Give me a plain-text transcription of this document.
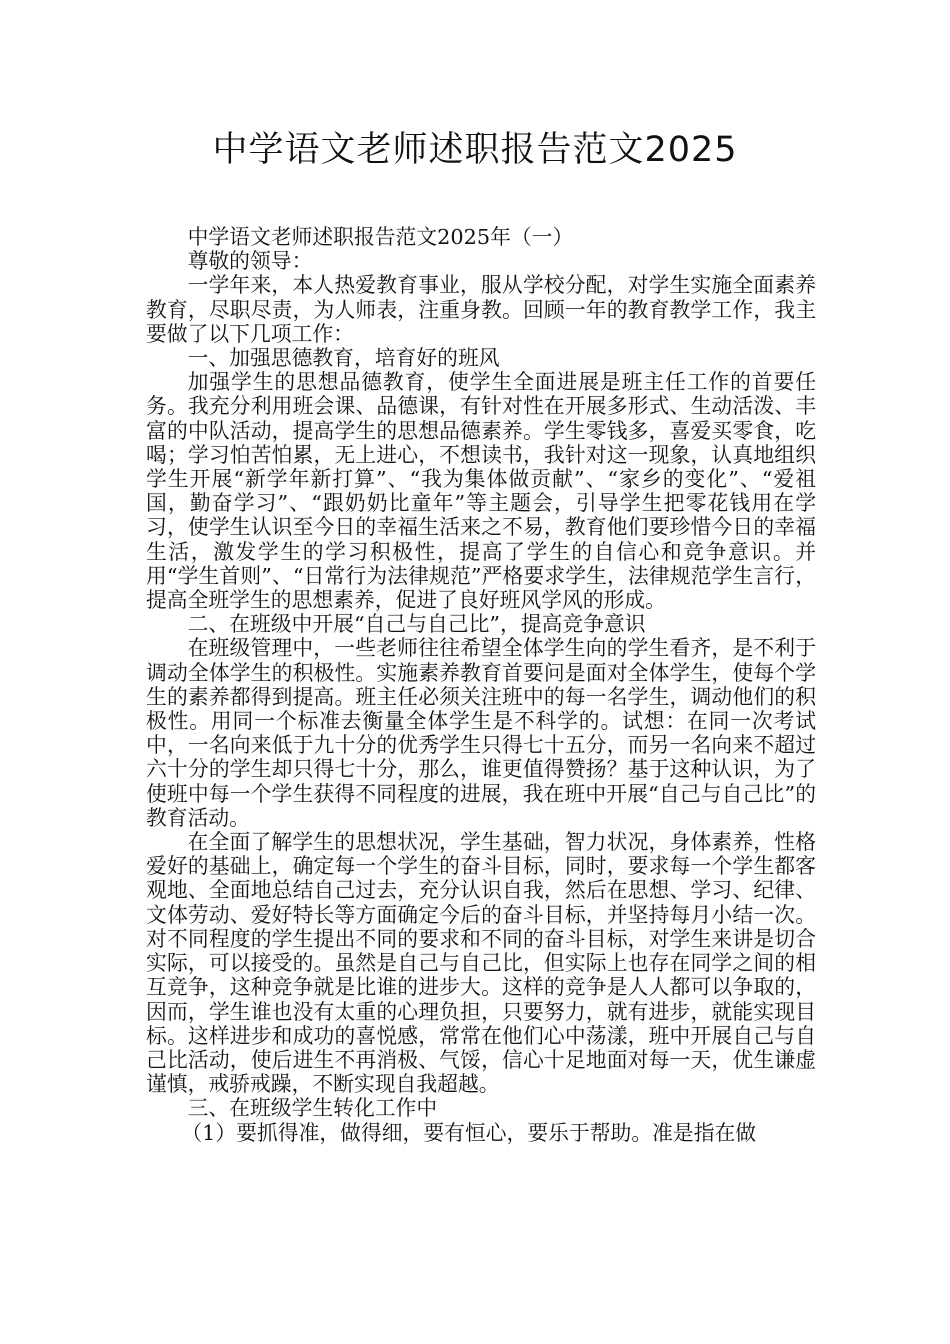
中学语文老师述职报告范文2025

中学语文老师述职报告范文2025年（一）

尊敬的领导：

一学年来，本人热爱教育事业，服从学校分配，对学生实施全面素养教育，尽职尽责，为人师表，注重身教。回顾一年的教育教学工作，我主要做了以下几项工作：

一、加强思德教育，培育好的班风

加强学生的思想品德教育，使学生全面进展是班主任工作的首要任务。我充分利用班会课、品德课，有针对性在开展多形式、生动活泼、丰富的中队活动，提高学生的思想品德素养。学生零钱多，喜爱买零食，吃喝；学习怕苦怕累，无上进心，不想读书，我针对这一现象，认真地组织学生开展“新学年新打算”、“我为集体做贡献”、“家乡的变化”、“爱祖国，勤奋学习”、“跟奶奶比童年”等主题会，引导学生把零花钱用在学习，使学生认识至今日的幸福生活来之不易，教育他们要珍惜今日的幸福生活，激发学生的学习积极性，提高了学生的自信心和竞争意识。并用“学生首则”、“日常行为法律规范”严格要求学生，法律规范学生言行，提高全班学生的思想素养，促进了良好班风学风的形成。

二、在班级中开展“自己与自己比”，提高竞争意识

在班级管理中，一些老师往往希望全体学生向的学生看齐，是不利于调动全体学生的积极性。实施素养教育首要问是面对全体学生，使每个学生的素养都得到提高。班主任必须关注班中的每一名学生，调动他们的积极性。用同一个标准去衡量全体学生是不科学的。试想：在同一次考试中，一名向来低于九十分的优秀学生只得七十五分，而另一名向来不超过六十分的学生却只得七十分，那么，谁更值得赞扬？基于这种认识，为了使班中每一个学生获得不同程度的进展，我在班中开展“自己与自己比”的教育活动。

在全面了解学生的思想状况，学生基础，智力状况，身体素养，性格爱好的基础上，确定每一个学生的奋斗目标，同时，要求每一个学生都客观地、全面地总结自己过去，充分认识自我，然后在思想、学习、纪律、文体劳动、爱好特长等方面确定今后的奋斗目标，并坚持每月小结一次。对不同程度的学生提出不同的要求和不同的奋斗目标，对学生来讲是切合实际，可以接受的。虽然是自己与自己比，但实际上也存在同学之间的相互竞争，这种竞争就是比谁的进步大。这样的竞争是人人都可以争取的，因而，学生谁也没有太重的心理负担，只要努力，就有进步，就能实现目标。这样进步和成功的喜悦感，常常在他们心中荡漾，班中开展自己与自己比活动，使后进生不再消极、气馁，信心十足地面对每一天，优生谦虚谨慎，戒骄戒躁，不断实现自我超越。

三、在班级学生转化工作中

（1）要抓得准，做得细，要有恒心，要乐于帮助。准是指在做
